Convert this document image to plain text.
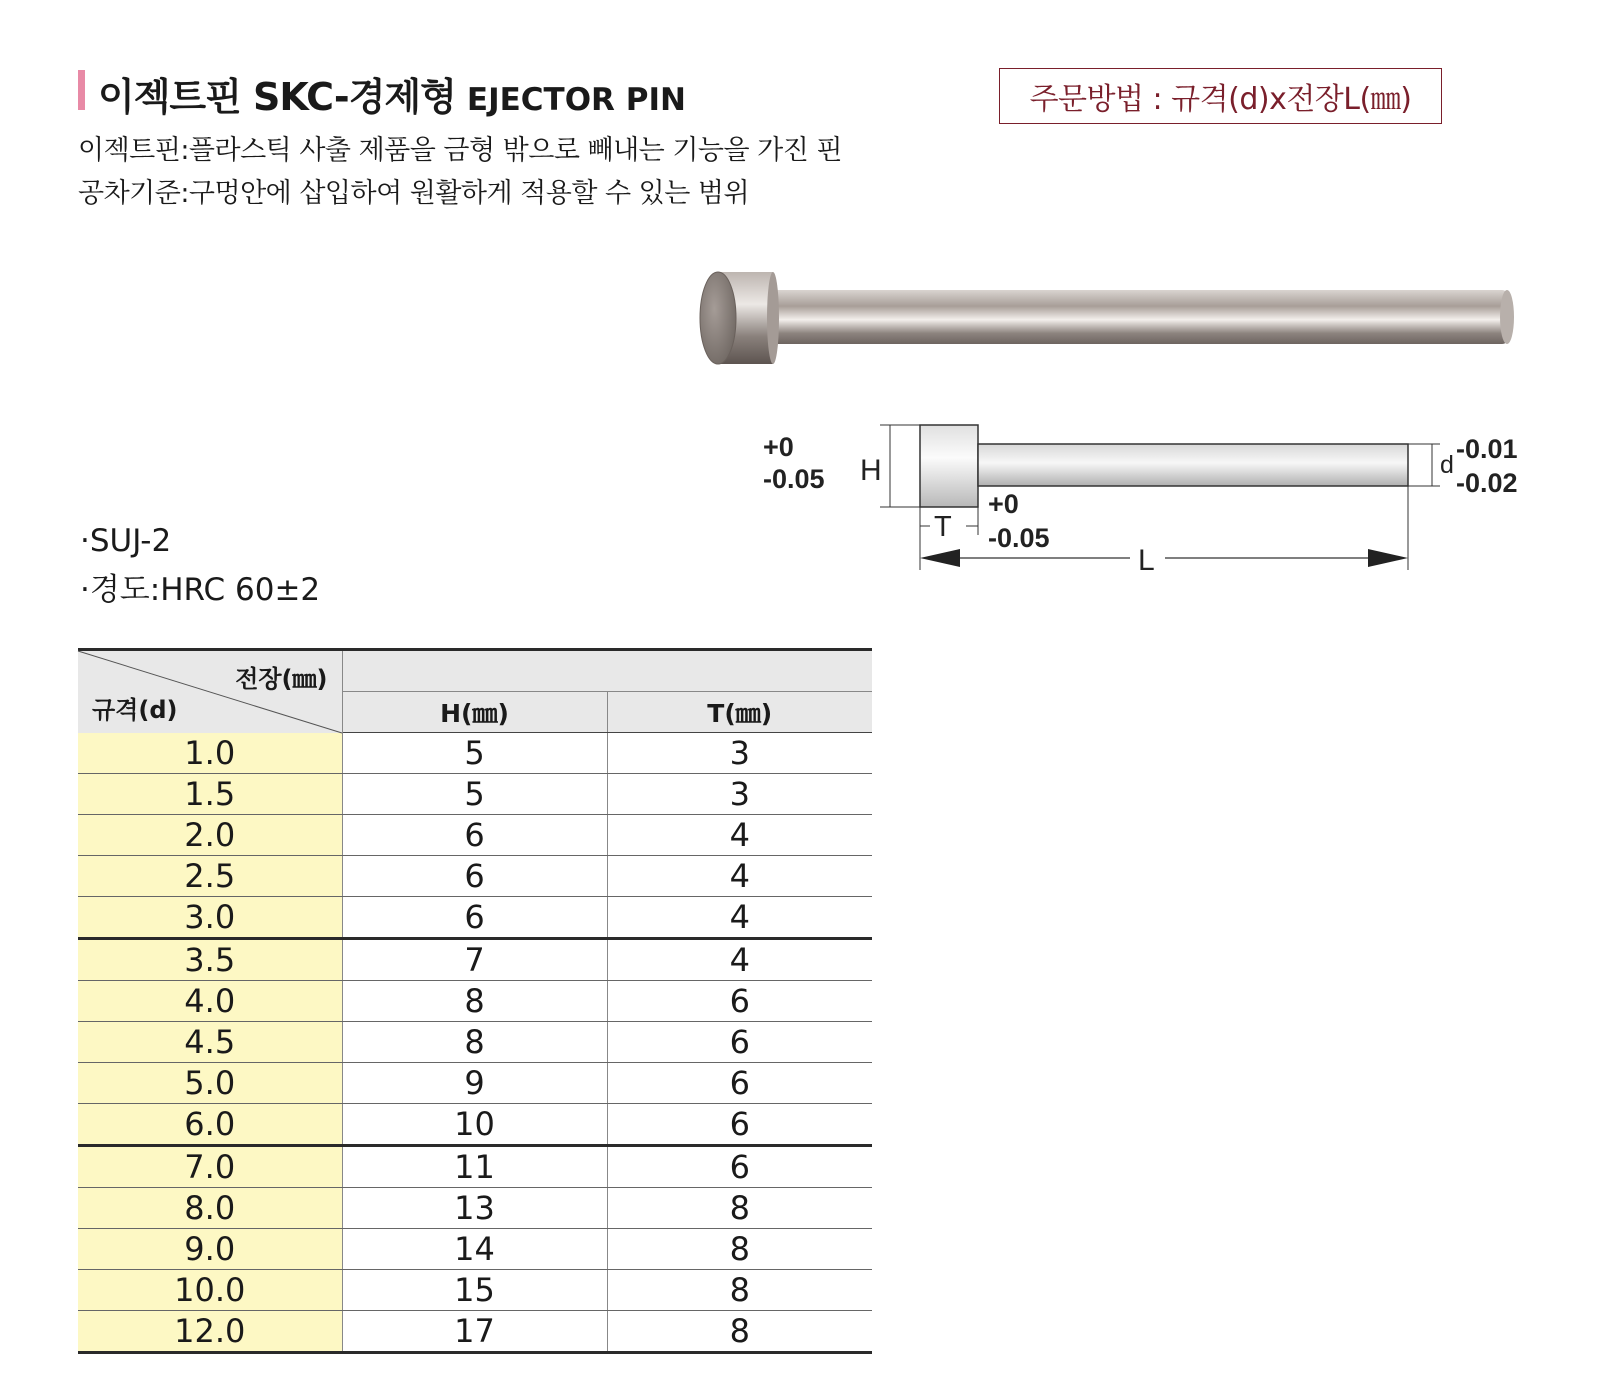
이젝트핀 SKC-경제형 EJECTOR PIN
이젝트핀:플라스틱 사출 제품을 금형 밖으로 빼내는 기능을 가진 핀
공차기준:구멍안에 삽입하여 원활하게 적용할 수 있는 범위
주문방법 : 규격(d)x전장L(㎜)
+0
-0.05 H
T
+0
-0.05
d
-0.01
-0.02
L
·SUJ-2
·경도:HRC 60±2
전장(㎜)
규격(d)		

	H(㎜)	T(㎜)
1.0	5	3
1.5	5	3
2.0	6	4
2.5	6	4
3.0	6	4
3.5	7	4
4.0	8	6
4.5	8	6
5.0	9	6
6.0	10	6
7.0	11	6
8.0	13	8
9.0	14	8
10.0	15	8
12.0	17	8
